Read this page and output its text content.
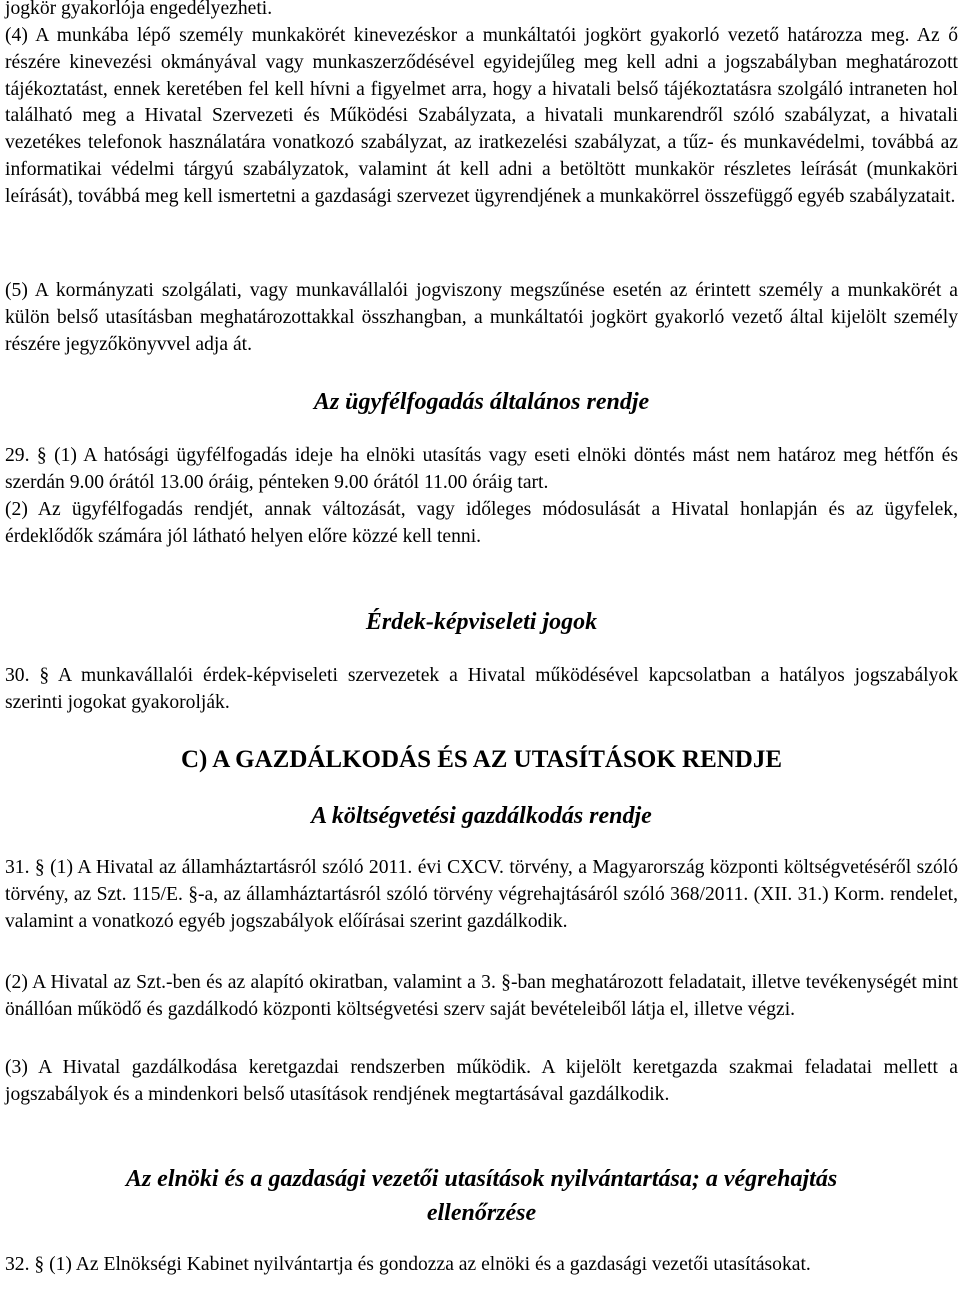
jogkör gyakorlója engedélyezheti.

(4) A munkába lépő személy munkakörét kinevezéskor a munkáltatói jogkört gyakorló vezető határozza meg. Az ő részére kinevezési okmányával vagy munkaszerződésével egyidejűleg meg kell adni a jogszabályban meghatározott tájékoztatást, ennek keretében fel kell hívni a figyelmet arra, hogy a hivatali belső tájékoztatásra szolgáló intraneten hol található meg a Hivatal Szervezeti és Működési Szabályzata, a hivatali munkarendről szóló szabályzat, a hivatali vezetékes telefonok használatára vonatkozó szabályzat, az iratkezelési szabályzat, a tűz- és munkavédelmi, továbbá az informatikai védelmi tárgyú szabályzatok, valamint át kell adni a betöltött munkakör részletes leírását (munkaköri leírását), továbbá meg kell ismertetni a gazdasági szervezet ügyrendjének a munkakörrel összefüggő egyéb szabályzatait.

(5) A kormányzati szolgálati, vagy munkavállalói jogviszony megszűnése esetén az érintett személy a munkakörét a külön belső utasításban meghatározottakkal összhangban, a munkáltatói jogkört gyakorló vezető által kijelölt személy részére jegyzőkönyvvel adja át.

Az ügyfélfogadás általános rendje

29. § (1) A hatósági ügyfélfogadás ideje ha elnöki utasítás vagy eseti elnöki döntés mást nem határoz meg hétfőn és szerdán 9.00 órától 13.00 óráig, pénteken 9.00 órától 11.00 óráig tart.

(2) Az ügyfélfogadás rendjét, annak változását, vagy időleges módosulását a Hivatal honlapján és az ügyfelek, érdeklődők számára jól látható helyen előre közzé kell tenni.

Érdek-képviseleti jogok

30. § A munkavállalói érdek-képviseleti szervezetek a Hivatal működésével kapcsolatban a hatályos jogszabályok szerinti jogokat gyakorolják.

C) A GAZDÁLKODÁS ÉS AZ UTASÍTÁSOK RENDJE
A költségvetési gazdálkodás rendje

31. § (1) A Hivatal az államháztartásról szóló 2011. évi CXCV. törvény, a Magyarország központi költségvetéséről szóló törvény, az Szt. 115/E. §-a, az államháztartásról szóló törvény végrehajtásáról szóló 368/2011. (XII. 31.) Korm. rendelet, valamint a vonatkozó egyéb jogszabályok előírásai szerint gazdálkodik.

(2) A Hivatal az Szt.-ben és az alapító okiratban, valamint a 3. §-ban meghatározott feladatait, illetve tevékenységét mint önállóan működő és gazdálkodó központi költségvetési szerv saját bevételeiből látja el, illetve végzi.

(3) A Hivatal gazdálkodása keretgazdai rendszerben működik. A kijelölt keretgazda szakmai feladatai mellett a jogszabályok és a mindenkori belső utasítások rendjének megtartásával gazdálkodik.

Az elnöki és a gazdasági vezetői utasítások nyilvántartása; a végrehajtás
ellenőrzése

32. § (1) Az Elnökségi Kabinet nyilvántartja és gondozza az elnöki és a gazdasági vezetői utasításokat.
